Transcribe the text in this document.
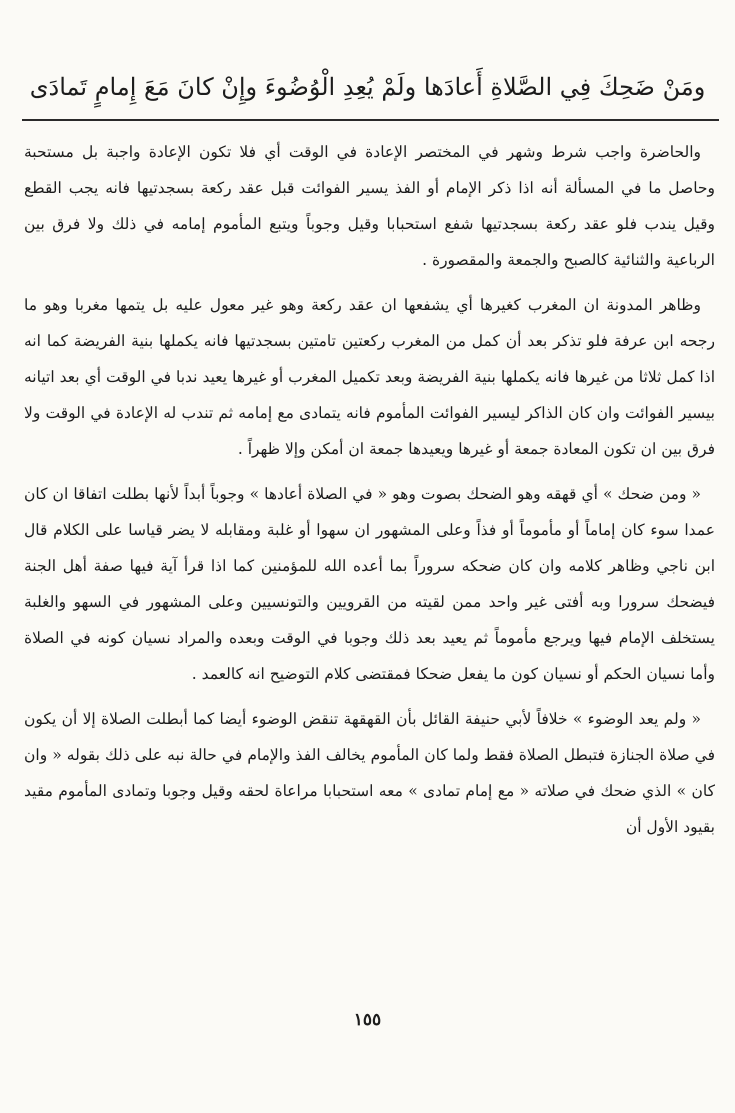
ومَنْ ضَحِكَ فِي الصَّلاةِ أَعادَها ولَمْ يُعِدِ الْوُضُوءَ وإِنْ كانَ مَعَ إِمامٍ تَمادَى

والحاضرة واجب شرط وشهر في المختصر الإعادة في الوقت أي فلا تكون الإعادة واجبة بل مستحبة وحاصل ما في المسألة أنه اذا ذكر الإمام أو الفذ يسير الفوائت قبل عقد ركعة بسجدتيها فانه يجب القطع وقيل يندب فلو عقد ركعة بسجدتيها شفع استحبابا وقيل وجوباً ويتبع المأموم إمامه في ذلك ولا فرق بين الرباعية والثنائية كالصبح والجمعة والمقصورة .

وظاهر المدونة ان المغرب كغيرها أي يشفعها ان عقد ركعة وهو غير معول عليه بل يتمها مغربا وهو ما رجحه ابن عرفة فلو تذكر بعد أن كمل من المغرب ركعتين تامتين بسجدتيها فانه يكملها بنية الفريضة كما انه اذا كمل ثلاثا من غيرها فانه يكملها بنية الفريضة وبعد تكميل المغرب أو غيرها يعيد ندبا في الوقت أي بعد اتيانه بيسير الفوائت وان كان الذاكر ليسير الفوائت المأموم فانه يتمادى مع إمامه ثم تندب له الإعادة في الوقت ولا فرق بين ان تكون المعادة جمعة أو غيرها ويعيدها جمعة ان أمكن وإلا ظهراً .

« ومن ضحك » أي قهقه وهو الضحك بصوت وهو « في الصلاة أعادها » وجوباً أبداً لأنها بطلت اتفاقا ان كان عمدا سوء كان إماماً أو مأموماً أو فذاً وعلى المشهور ان سهوا أو غلبة ومقابله لا يضر قياسا على الكلام قال ابن ناجي وظاهر كلامه وان كان ضحكه سروراً بما أعده الله للمؤمنين كما اذا قرأ آية فيها صفة أهل الجنة فيضحك سرورا وبه أفتى غير واحد ممن لقيته من القرويين والتونسيين وعلى المشهور في السهو والغلبة يستخلف الإمام فيها ويرجع مأموماً ثم يعيد بعد ذلك وجوبا في الوقت وبعده والمراد نسيان كونه في الصلاة وأما نسيان الحكم أو نسيان كون ما يفعل ضحكا فمقتضى كلام التوضيح انه كالعمد .

« ولم يعد الوضوء » خلافاً لأبي حنيفة القائل بأن القهقهة تنقض الوضوء أيضا كما أبطلت الصلاة إلا أن يكون في صلاة الجنازة فتبطل الصلاة فقط ولما كان المأموم يخالف الفذ والإمام في حالة نبه على ذلك بقوله « وان كان » الذي ضحك في صلاته « مع إمام تمادى » معه استحبابا مراعاة لحقه وقيل وجوبا وتمادى المأموم مقيد بقيود الأول أن

١٥٥
